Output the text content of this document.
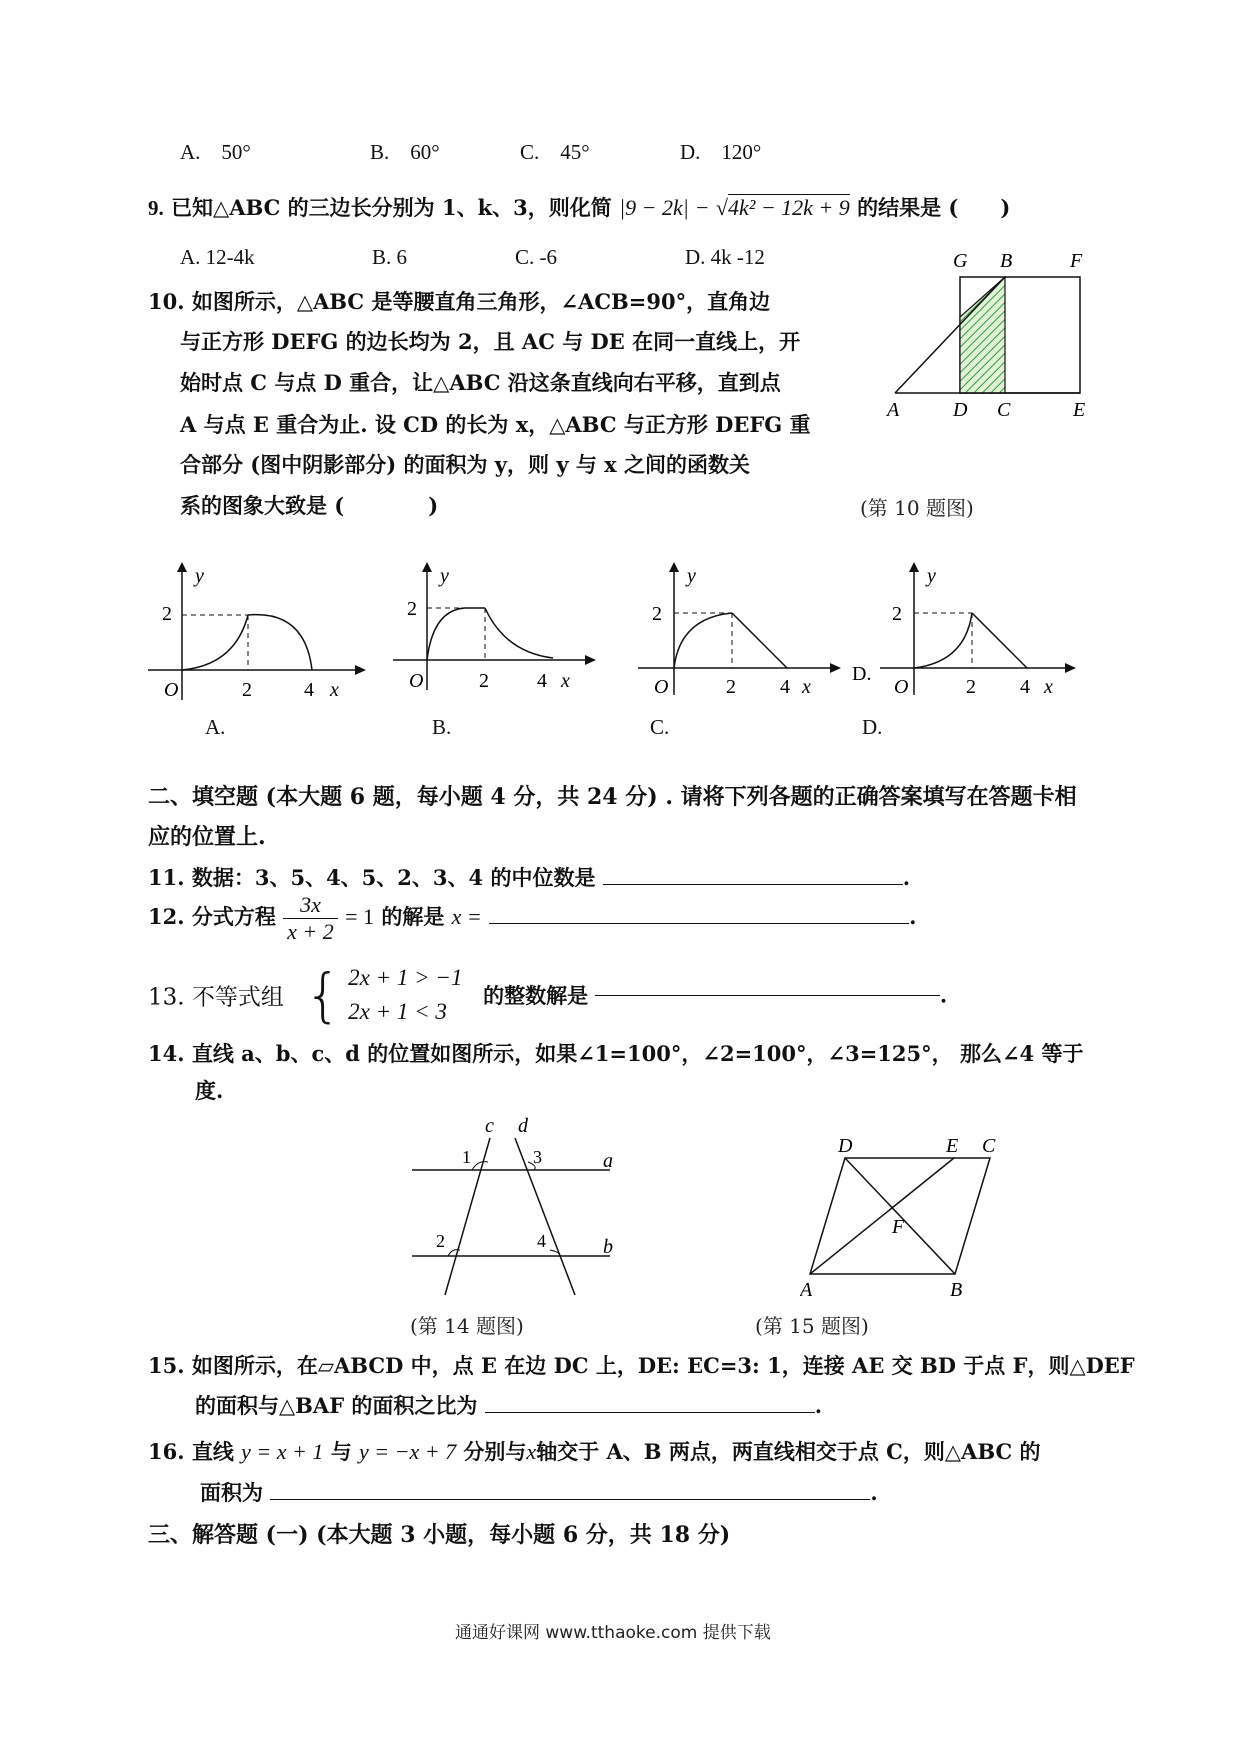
A.　50°	B.　60°	C.　45°	D.　120°
9. 已知△ABC 的三边长分别为 1、k、3，则化简 |9 − 2k| − √4k² − 12k + 9 的结果是 (　　)
A. 12-4k	B. 6	C. -6	D. 4k -12
10. 如图所示，△ABC 是等腰直角三角形，∠ACB=90°，直角边
与正方形 DEFG 的边长均为 2，且 AC 与 DE 在同一直线上，开
始时点 C 与点 D 重合，让△ABC 沿这条直线向右平移，直到点
A 与点 E 重合为止. 设 CD 的长为 x，△ABC 与正方形 DEFG 重
合部分 (图中阴影部分) 的面积为 y，则 y 与 x 之间的函数关
系的图象大致是 (　　　　)
G B	F
A	D C	E
(第 10 题图)
y
2
O	2	4 x
y
2
O	2 4 x
y
2
O	2 4 x
D.
y
2
O	2 4 x
A.	B.	C.	D.
二、填空题 (本大题 6 题，每小题 4 分，共 24 分) . 请将下列各题的正确答案填写在答题卡相
应的位置上.
11. 数据：3、5、4、5、2、3、4 的中位数是	.
12. 分式方程 $\frac{3x}{x + 2} = 1$ 的解是 x =	.
13. 不等式组 { 2x + 1 > −1
2x + 1 < 3
的整数解是	.
14. 直线 a、b、c、d 的位置如图所示，如果∠1=100°，∠2=100°，∠3=125°， 那么∠4 等于
度.
c d
1	3	a
2	4	b
(第 14 题图)
D	E C
F
A	B
(第 15 题图)
15. 如图所示，在▱ABCD 中，点 E 在边 DC 上，DE: EC=3: 1，连接 AE 交 BD 于点 F，则△DEF
的面积与△BAF 的面积之比为	.
16. 直线 y = x + 1 与 y = −x + 7 分别与x轴交于 A、B 两点，两直线相交于点 C，则△ABC 的
面积为	.
三、解答题 (一) (本大题 3 小题，每小题 6 分，共 18 分)
通通好课网 www.tthaoke.com 提供下载
